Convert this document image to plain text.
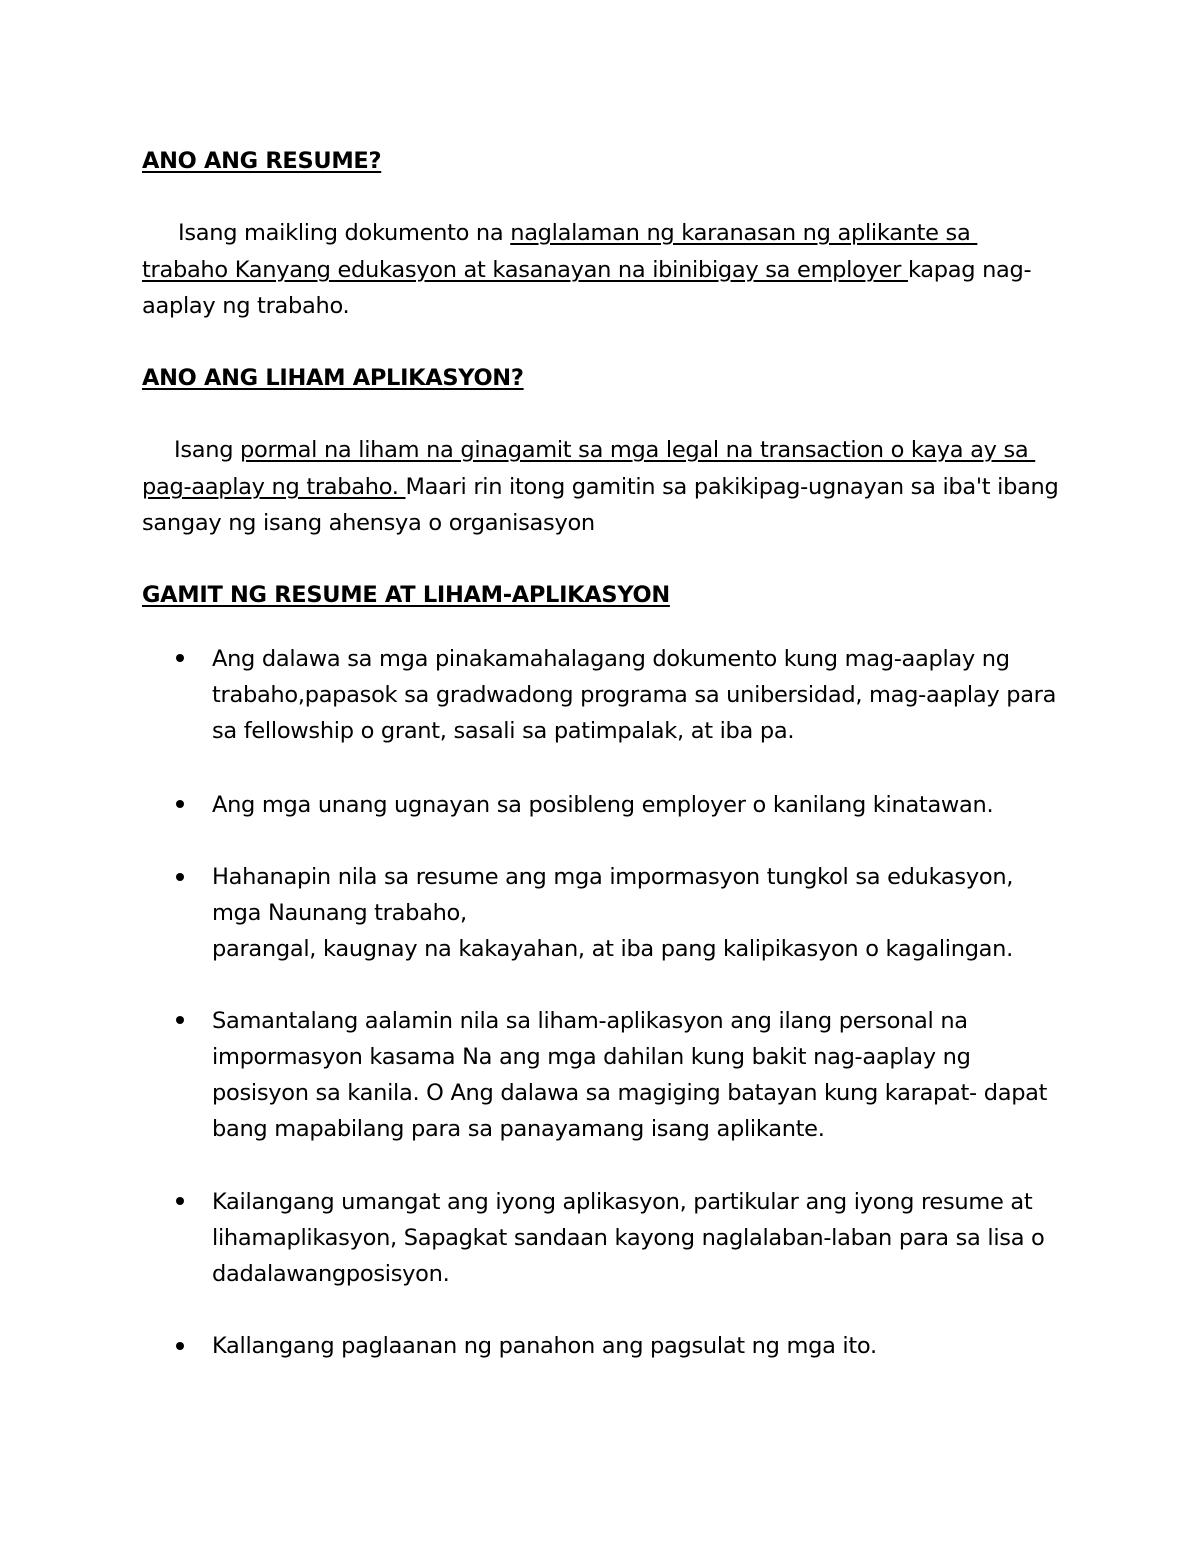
ANO ANG RESUME?
Isang maikling dokumento na naglalaman ng karanasan ng aplikante sa
trabaho Kanyang edukasyon at kasanayan na ibinibigay sa employer kapag nag-
aaplay ng trabaho.
ANO ANG LIHAM APLIKASYON?
Isang pormal na liham na ginagamit sa mga legal na transaction o kaya ay sa
pag-aaplay ng trabaho. Maari rin itong gamitin sa pakikipag-ugnayan sa iba't ibang
sangay ng isang ahensya o organisasyon
GAMIT NG RESUME AT LIHAM-APLIKASYON
Ang dalawa sa mga pinakamahalagang dokumento kung mag-aaplay ng
trabaho,papasok sa gradwadong programa sa unibersidad, mag-aaplay para
sa fellowship o grant, sasali sa patimpalak, at iba pa.
Ang mga unang ugnayan sa posibleng employer o kanilang kinatawan.
Hahanapin nila sa resume ang mga impormasyon tungkol sa edukasyon,
mga Naunang trabaho,
parangal, kaugnay na kakayahan, at iba pang kalipikasyon o kagalingan.
Samantalang aalamin nila sa liham-aplikasyon ang ilang personal na
impormasyon kasama Na ang mga dahilan kung bakit nag-aaplay ng
posisyon sa kanila. O Ang dalawa sa magiging batayan kung karapat- dapat
bang mapabilang para sa panayamang isang aplikante.
Kailangang umangat ang iyong aplikasyon, partikular ang iyong resume at
lihamaplikasyon, Sapagkat sandaan kayong naglalaban-laban para sa lisa o
dadalawangposisyon.
Kallangang paglaanan ng panahon ang pagsulat ng mga ito.
